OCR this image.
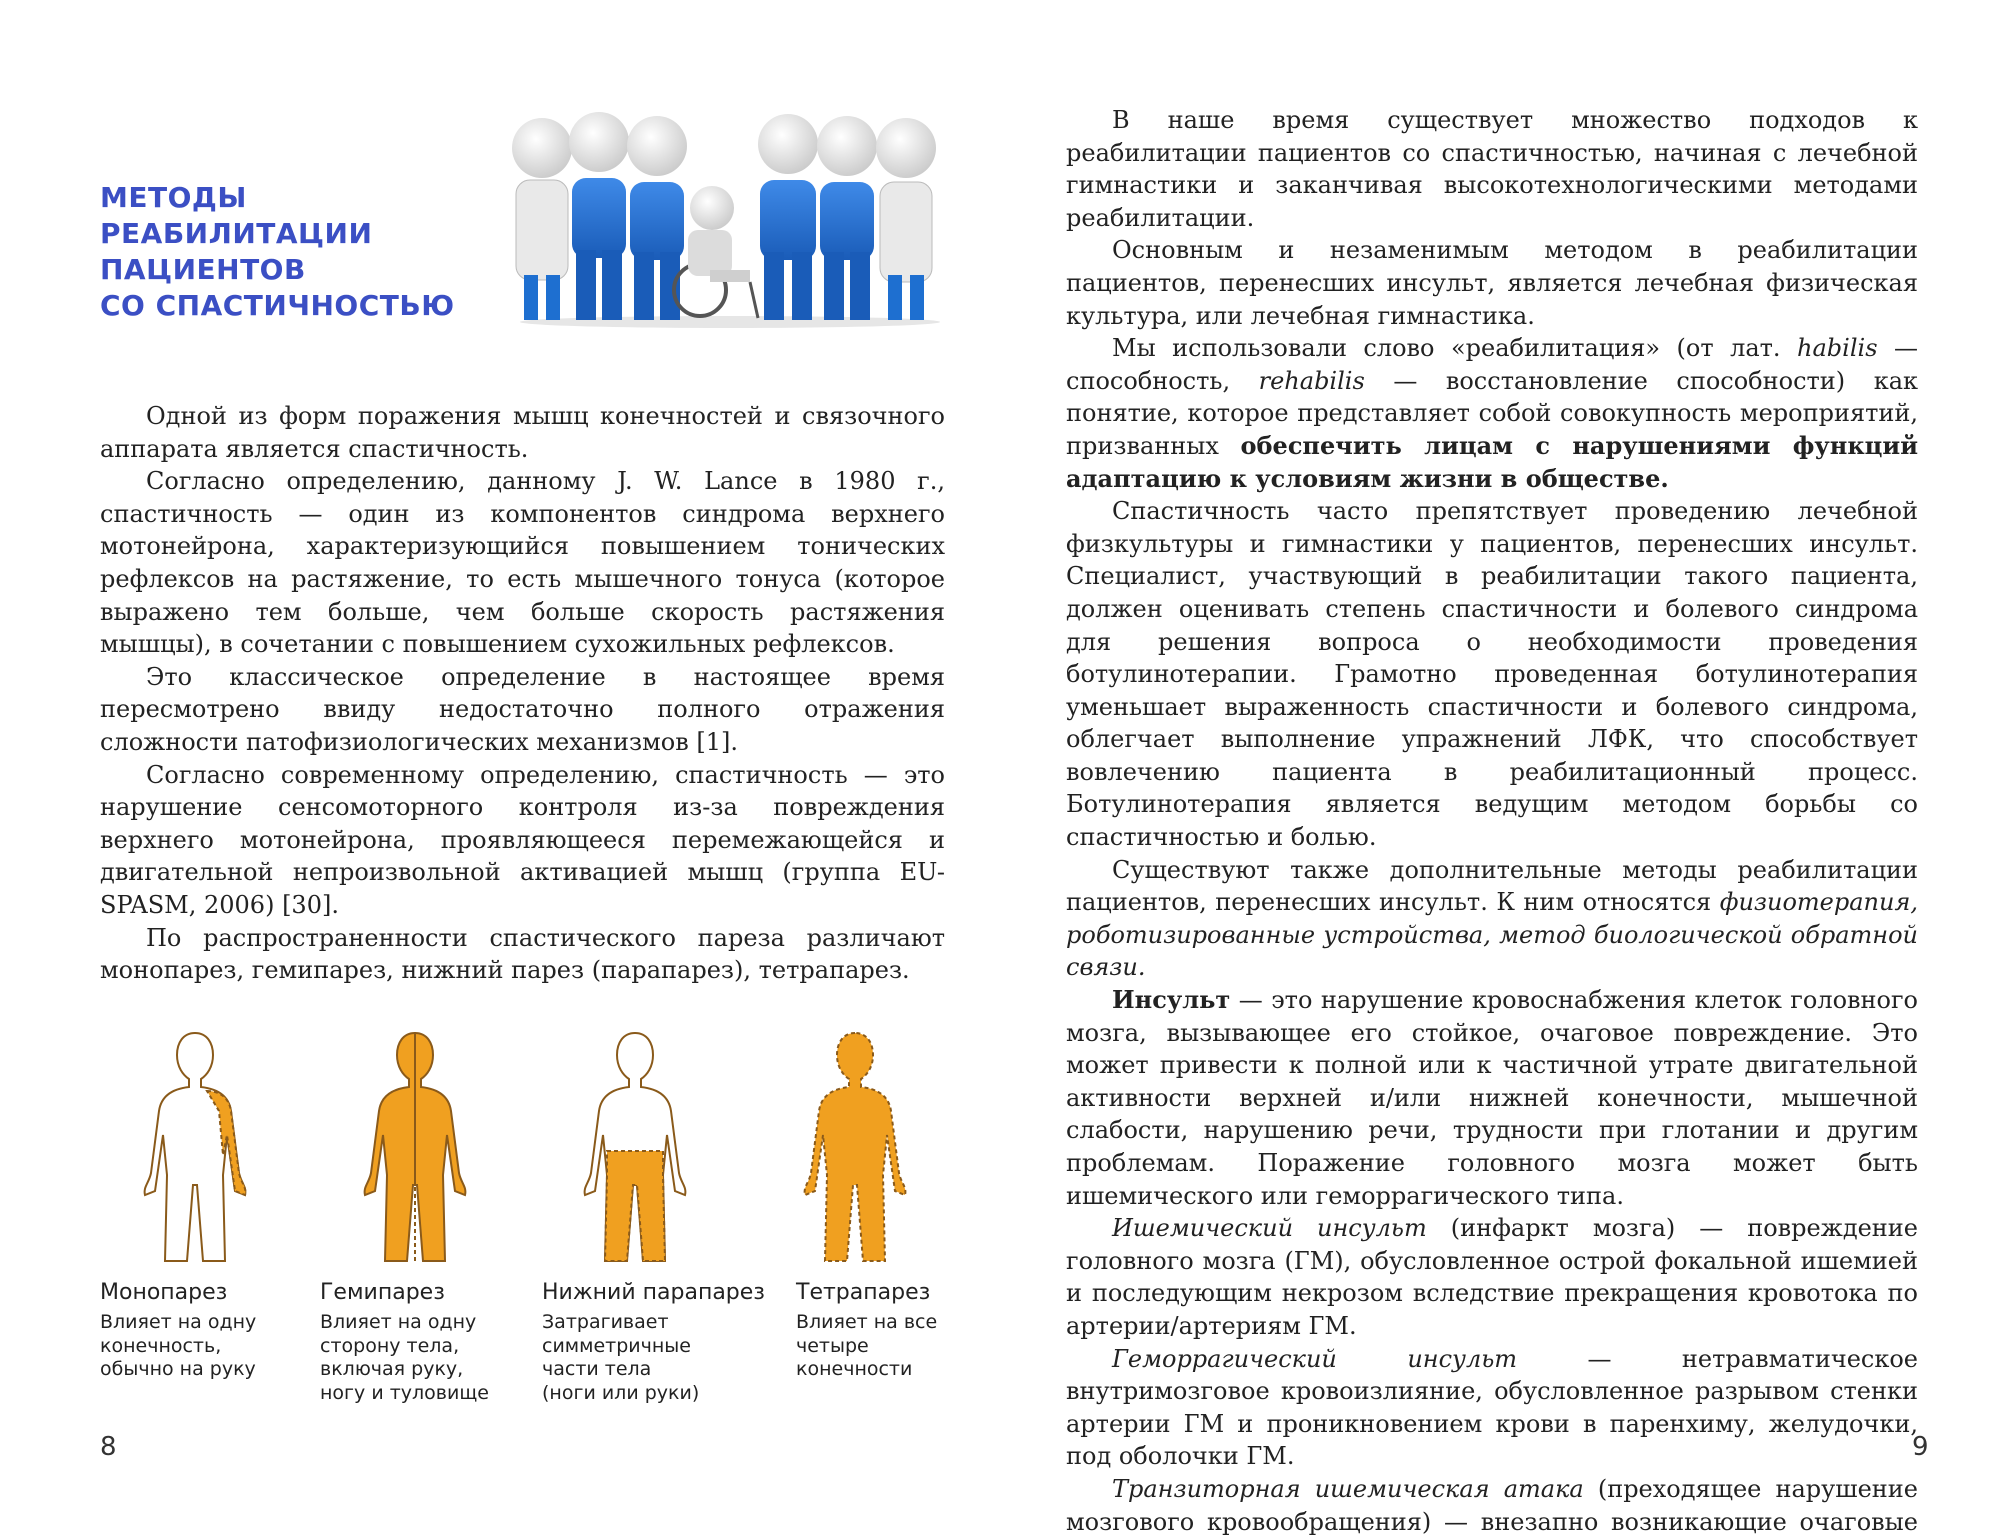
МЕТОДЫ
РЕАБИЛИТАЦИИ
ПАЦИЕНТОВ
СО СПАСТИЧНОСТЬЮ

Одной из форм поражения мышц конечностей и связочного аппарата является спастичность.

Согласно определению, данному J. W. Lance в 1980 г., спастичность — один из компонентов синдрома верхнего мотонейрона, характеризующийся повышением тонических рефлексов на растяжение, то есть мышечного тонуса (которое выражено тем больше, чем больше скорость растяжения мышцы), в сочетании с повышением сухожильных рефлексов.

Это классическое определение в настоящее время пересмотрено ввиду недостаточно полного отражения сложности патофизиологических механизмов [1].

Согласно современному определению, спастичность — это нарушение сенсомоторного контроля из-за повреждения верхнего мотонейрона, проявляющееся перемежающейся и двигательной непроизвольной активацией мышц (группа EU-SPASM, 2006) [30].

По распространенности спастического пареза различают монопарез, гемипарез, нижний парез (парапарез), тетрапарез.

Монопарез
Влияет на одну
конечность,
обычно на руку
Гемипарез
Влияет на одну
сторону тела,
включая руку,
ногу и туловище
Нижний парапарез
Затрагивает
симметричные
части тела
(ноги или руки)
Тетрапарез
Влияет на все
четыре
конечности
8

В наше время существует множество подходов к реабилитации пациентов со спастичностью, начиная с лечебной гимнастики и заканчивая высокотехнологическими методами реабилитации.

Основным и незаменимым методом в реабилитации пациентов, перенесших инсульт, является лечебная физическая культура, или лечебная гимнастика.

Мы использовали слово «реабилитация» (от лат. habilis — способность, rehabilis — восстановление способности) как понятие, которое представляет собой совокупность мероприятий, призванных обеспечить лицам с нарушениями функций адаптацию к условиям жизни в обществе.

Спастичность часто препятствует проведению лечебной физкультуры и гимнастики у пациентов, перенесших инсульт. Специалист, участвующий в реабилитации такого пациента, должен оценивать степень спастичности и болевого синдрома для решения вопроса о необходимости проведения ботулинотерапии. Грамотно проведенная ботулинотерапия уменьшает выраженность спастичности и болевого синдрома, облегчает выполнение упражнений ЛФК, что способствует вовлечению пациента в реабилитационный процесс. Ботулинотерапия является ведущим методом борьбы со спастичностью и болью.

Существуют также дополнительные методы реабилитации пациентов, перенесших инсульт. К ним относятся физиотерапия, роботизированные устройства, метод биологической обратной связи.

Инсульт — это нарушение кровоснабжения клеток головного мозга, вызывающее его стойкое, очаговое повреждение. Это может привести к полной или к частичной утрате двигательной активности верхней и/или нижней конечности, мышечной слабости, нарушению речи, трудности при глотании и другим проблемам. Поражение головного мозга может быть ишемического или геморрагического типа.

Ишемический инсульт (инфаркт мозга) — повреждение головного мозга (ГМ), обусловленное острой фокальной ишемией и последующим некрозом вследствие прекращения кровотока по артерии/артериям ГМ.

Геморрагический инсульт — нетравматическое внутримозговое кровоизлияние, обусловленное разрывом стенки артерии ГМ и проникновением крови в паренхиму, желудочки, под оболочки ГМ.

Транзиторная ишемическая атака (преходящее нарушение мозгового кровообращения) — внезапно возникающие очаговые

9
